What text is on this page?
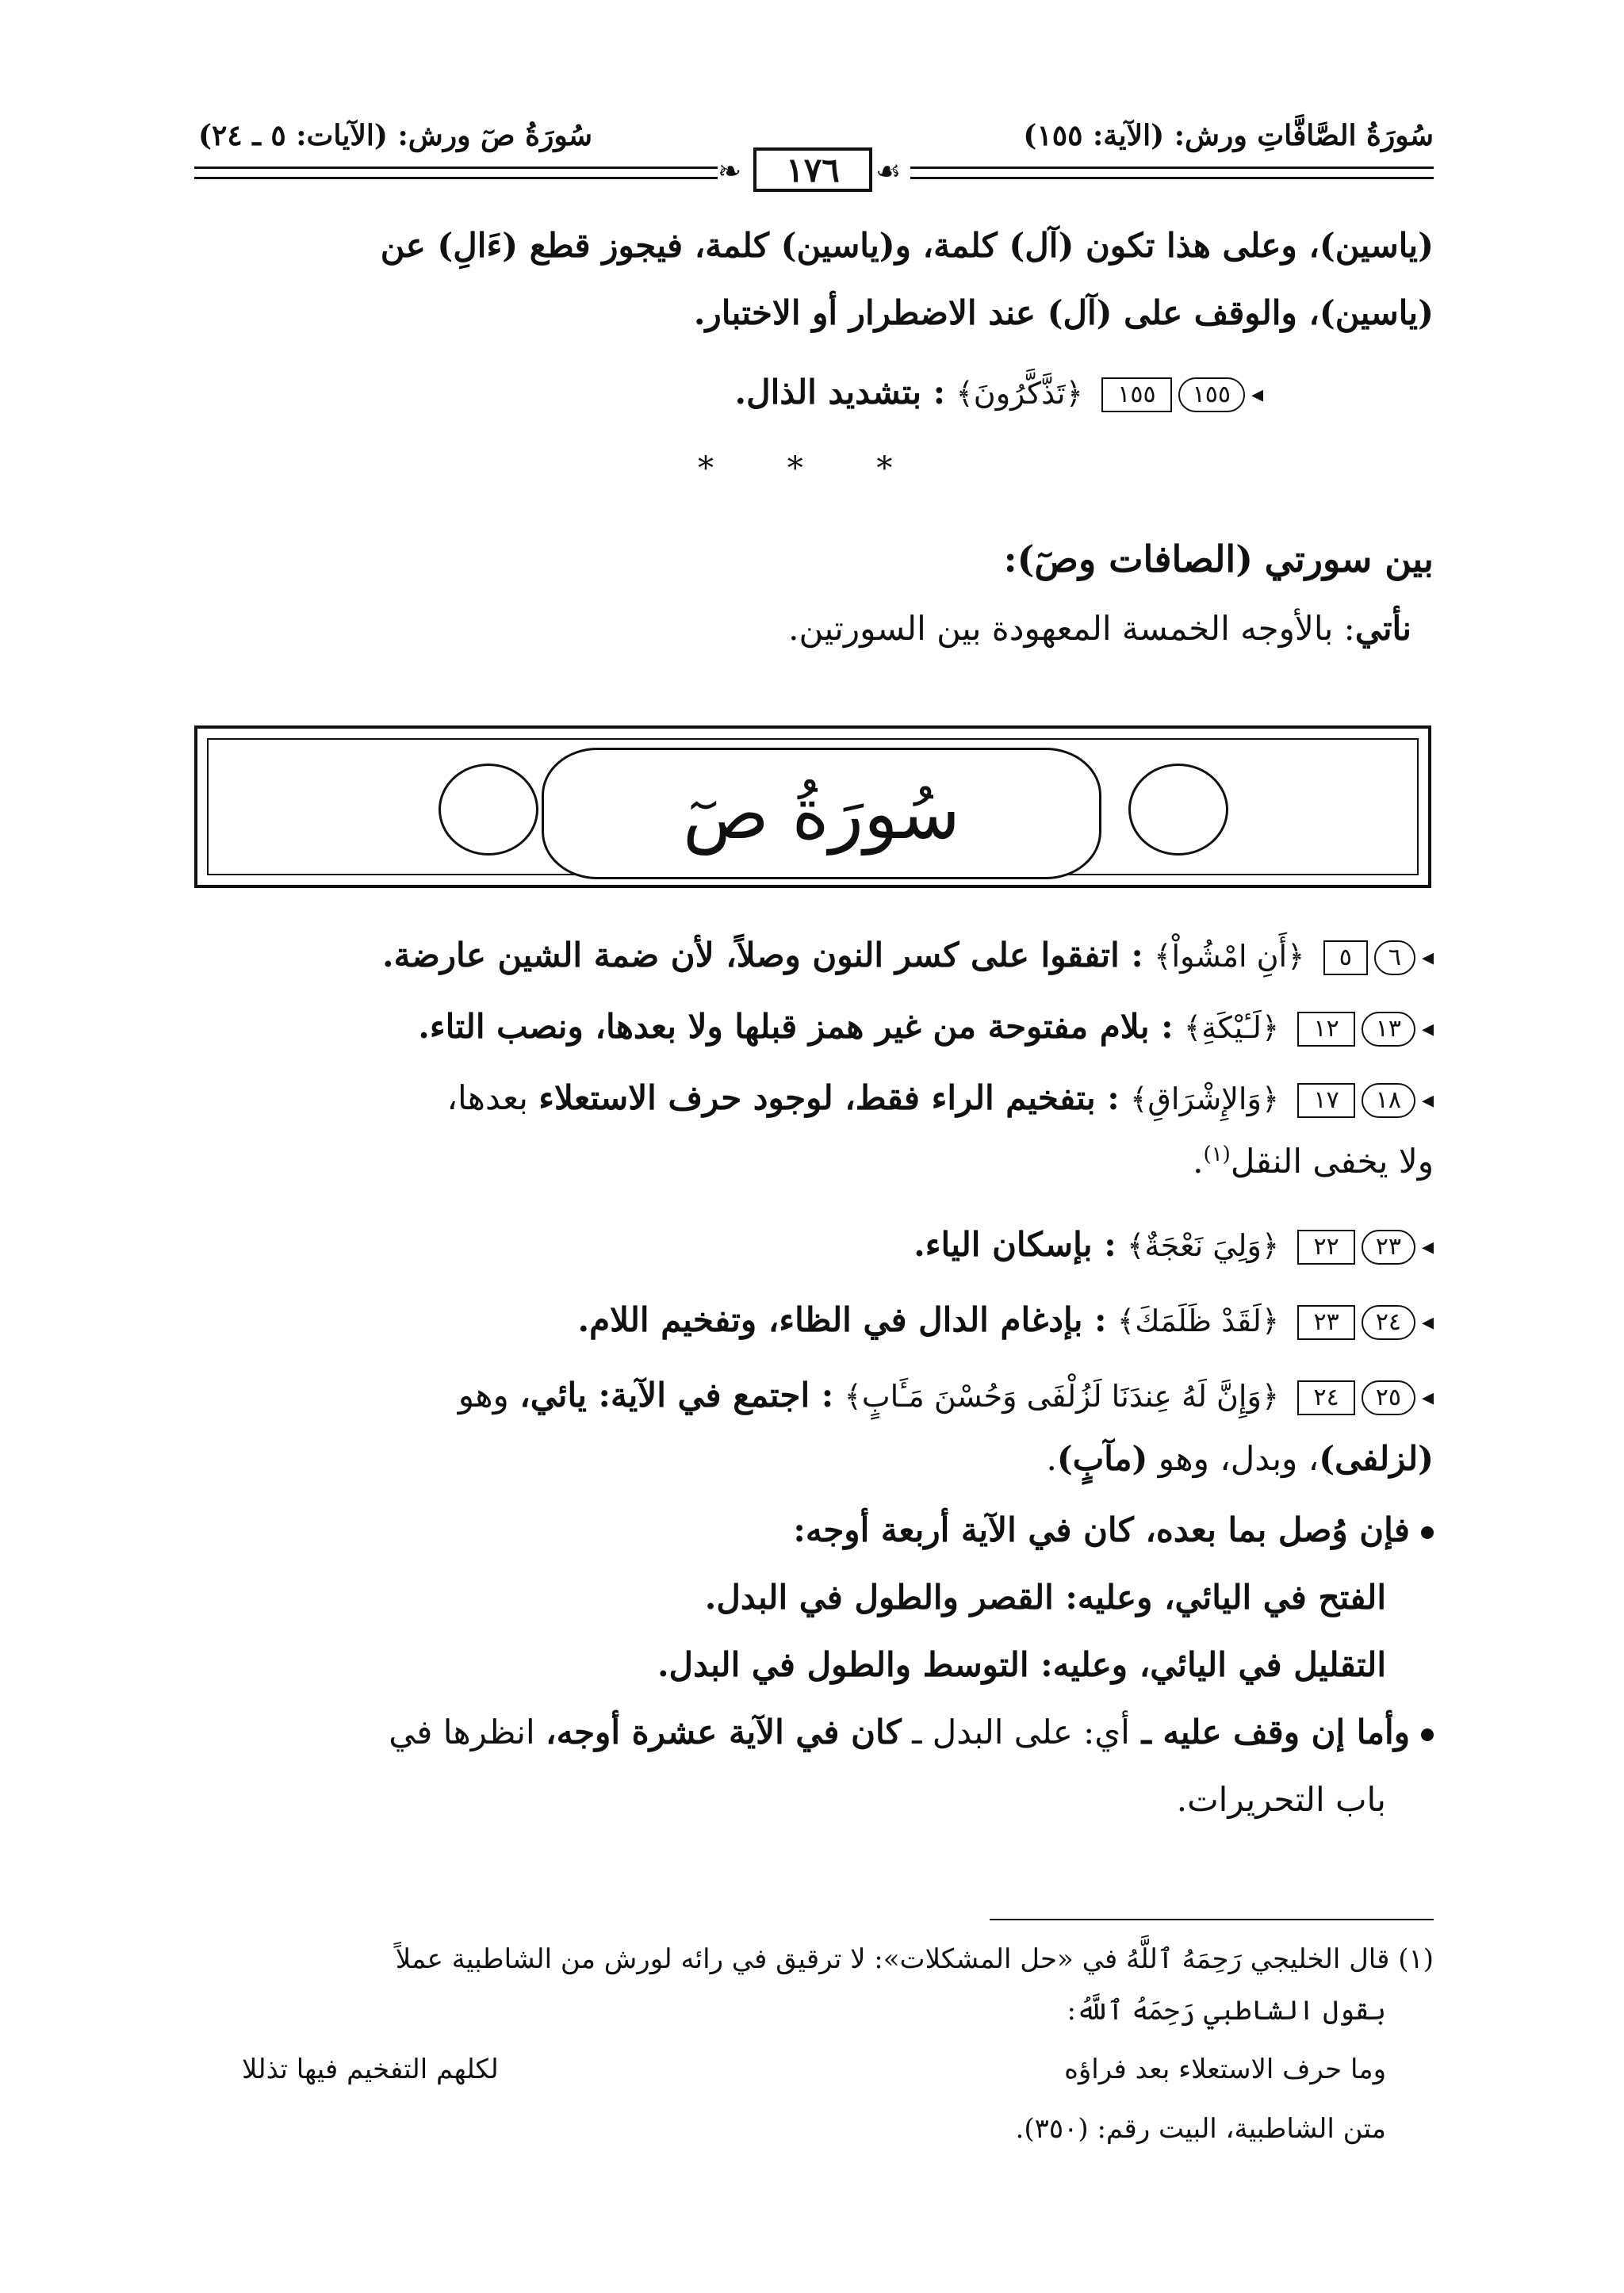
سُورَةُ الصَّافَّاتِ ورش: (الآية: ١٥٥)
سُورَةُ صٓ ورش: (الآيات: ٥ ـ ٢٤)
❧	١٧٦	☙
(ياسين)، وعلى هذا تكون (آل) كلمة، و(ياسين) كلمة، فيجوز قطع (ءَالِ) عن
(ياسين)، والوقف على (آل) عند الاضطرار أو الاختبار.
◂
١٥٥
١٥٥
﴿تَذَّكَّرُونَ﴾ : بتشديد الذال.
* * *
بين سورتي (الصافات وصٓ):
نأتي: بالأوجه الخمسة المعهودة بين السورتين.
سُورَةُ صٓ
◂
٦
٥
﴿أَنِ امْشُواْ﴾ : اتفقوا على كسر النون وصلاً، لأن ضمة الشين عارضة.
◂
١٣
١٢
﴿لَـٔيْكَةِ﴾ : بلام مفتوحة من غير همز قبلها ولا بعدها، ونصب التاء.
◂
١٨
١٧
﴿وَالإِشْرَاقِ﴾ : بتفخيم الراء فقط، لوجود حرف الاستعلاء بعدها،
ولا يخفى النقل$^{(١)}$.
◂
٢٣
٢٢
﴿وَلِيَ نَعْجَةٌ﴾ : بإسكان الياء.
◂
٢٤
٢٣
﴿لَقَدْ ظَلَمَكَ﴾ : بإدغام الدال في الظاء، وتفخيم اللام.
◂
٢٥
٢٤
﴿وَإِنَّ لَهُ عِندَنَا لَزُلْفَى وَحُسْنَ مَـَٔابٍ﴾ : اجتمع في الآية: يائي، وهو
(لزلفى)، وبدل، وهو (مآبٍ).
فإن وُصل بما بعده، كان في الآية أربعة أوجه:
الفتح في اليائي، وعليه: القصر والطول في البدل.
التقليل في اليائي، وعليه: التوسط والطول في البدل.
وأما إن وقف عليه ـ أي: على البدل ـ كان في الآية عشرة أوجه، انظرها في
باب التحريرات.
(١) قال الخليجي رَحِمَهُ ٱللَّهُ في «حل المشكلات»: لا ترقيق في رائه لورش من الشاطبية عملاً
بقول الشاطبي رَحِمَهُ ٱللَّهُ:
وما حرف الاستعلاء بعد فراؤه
لكلهم التفخيم فيها تذللا
متن الشاطبية، البيت رقم: (٣٥٠).
